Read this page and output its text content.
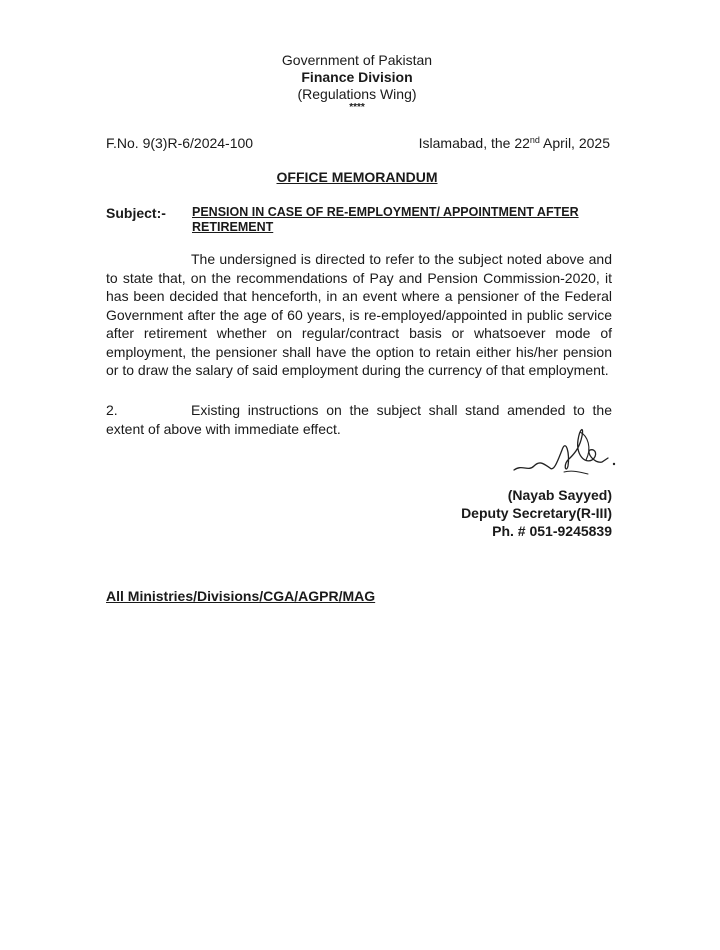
Government of Pakistan
Finance Division
(Regulations Wing)
****
F.No. 9(3)R-6/2024-100	Islamabad, the 22nd April, 2025
OFFICE MEMORANDUM
Subject:- PENSION IN CASE OF RE-EMPLOYMENT/ APPOINTMENT AFTER RETIREMENT
The undersigned is directed to refer to the subject noted above and to state that, on the recommendations of Pay and Pension Commission-2020, it has been decided that henceforth, in an event where a pensioner of the Federal Government after the age of 60 years, is re-employed/appointed in public service after retirement whether on regular/contract basis or whatsoever mode of employment, the pensioner shall have the option to retain either his/her pension or to draw the salary of said employment during the currency of that employment.
2.	Existing instructions on the subject shall stand amended to the extent of above with immediate effect.
(Nayab Sayyed)
Deputy Secretary(R-III)
Ph. # 051-9245839
All Ministries/Divisions/CGA/AGPR/MAG
